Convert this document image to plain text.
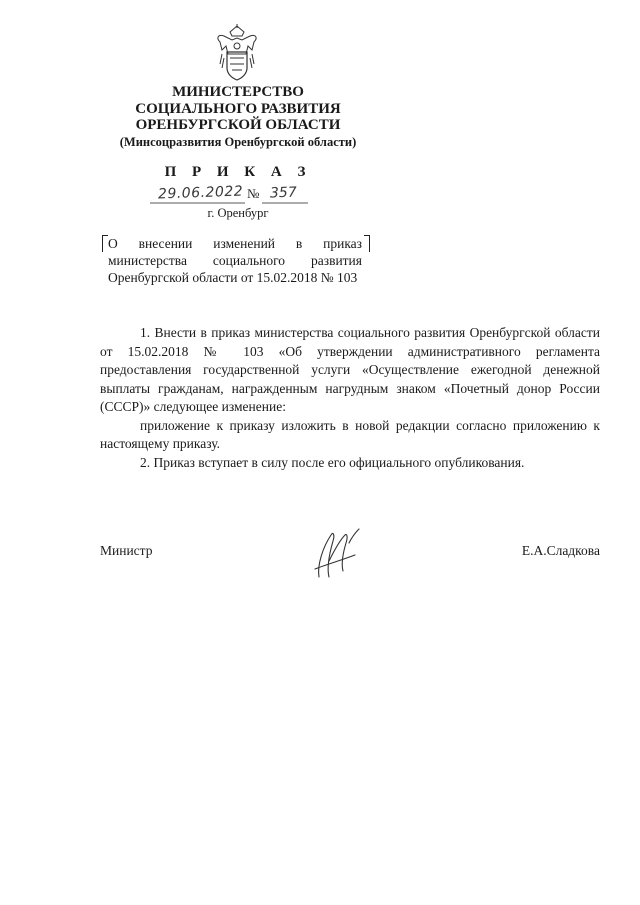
МИНИСТЕРСТВО
СОЦИАЛЬНОГО РАЗВИТИЯ
ОРЕНБУРГСКОЙ ОБЛАСТИ
(Минсоцразвития Оренбургской области)
П Р И К А З
29.06.2022 № 357
г. Оренбург
О внесении изменений в приказ министерства социального развития Оренбургской области от 15.02.2018 № 103

1. Внести в приказ министерства социального развития Оренбургской области от 15.02.2018 № 103 «Об утверждении административного регламента предоставления государственной услуги «Осуществление ежегодной денежной выплаты гражданам, награжденным нагрудным знаком «Почетный донор России (СССР)» следующее изменение:

приложение к приказу изложить в новой редакции согласно приложению к настоящему приказу.

2. Приказ вступает в силу после его официального опубликования.

Министр	Е.А.Сладкова
